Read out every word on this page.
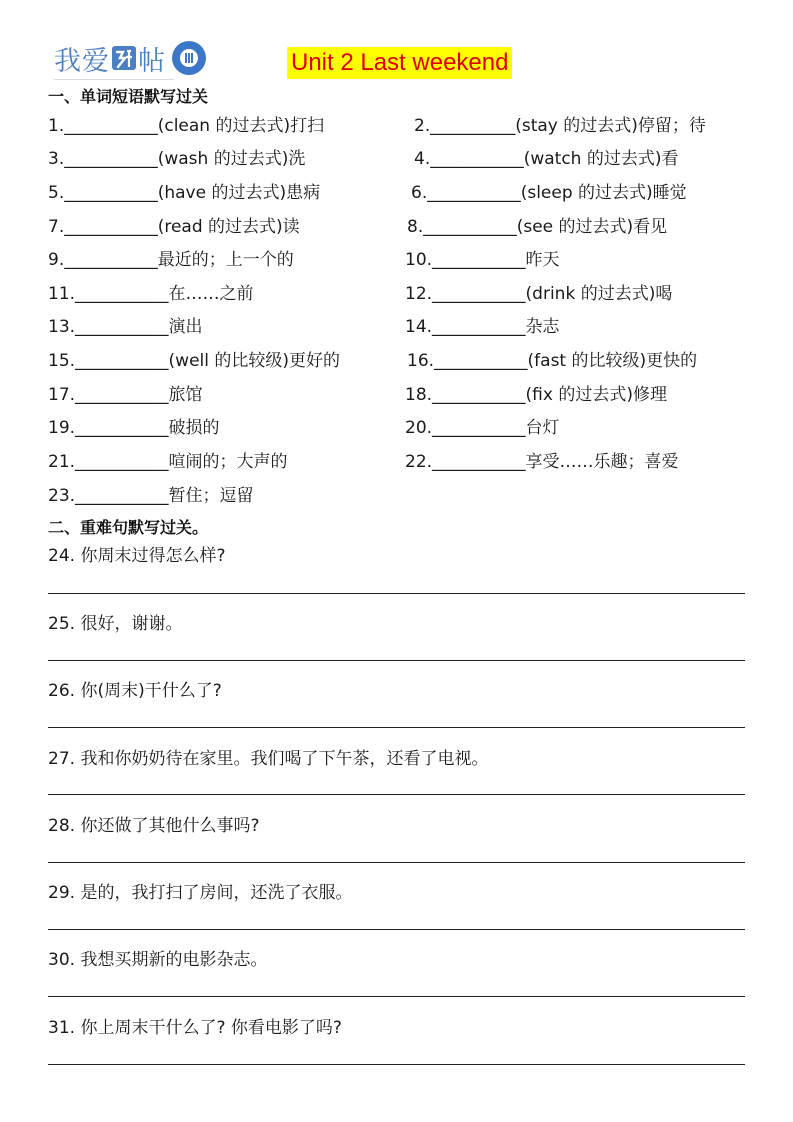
我爱 帖	Unit 2 Last weekend
一、单词短语默写过关
1.___________(clean 的过去式)打扫	2.__________(stay 的过去式)停留；待
3.___________(wash 的过去式)洗	4.___________(watch 的过去式)看
5.___________(have 的过去式)患病	6.___________(sleep 的过去式)睡觉
7.___________(read 的过去式)读	8.___________(see 的过去式)看见
9.___________最近的；上一个的	10.___________昨天
11.___________在……之前	12.___________(drink 的过去式)喝
13.___________演出	14.___________杂志
15.___________(well 的比较级)更好的	16.___________(fast 的比较级)更快的
17.___________旅馆	18.___________(fix 的过去式)修理
19.___________破损的	20.___________台灯
21.___________喧闹的；大声的	22.___________享受……乐趣；喜爱
23.___________暂住；逗留
二、重难句默写过关。
24. 你周末过得怎么样?
25. 很好，谢谢。
26. 你(周末)干什么了?
27. 我和你奶奶待在家里。我们喝了下午茶，还看了电视。
28. 你还做了其他什么事吗?
29. 是的，我打扫了房间，还洗了衣服。
30. 我想买期新的电影杂志。
31. 你上周末干什么了? 你看电影了吗?
